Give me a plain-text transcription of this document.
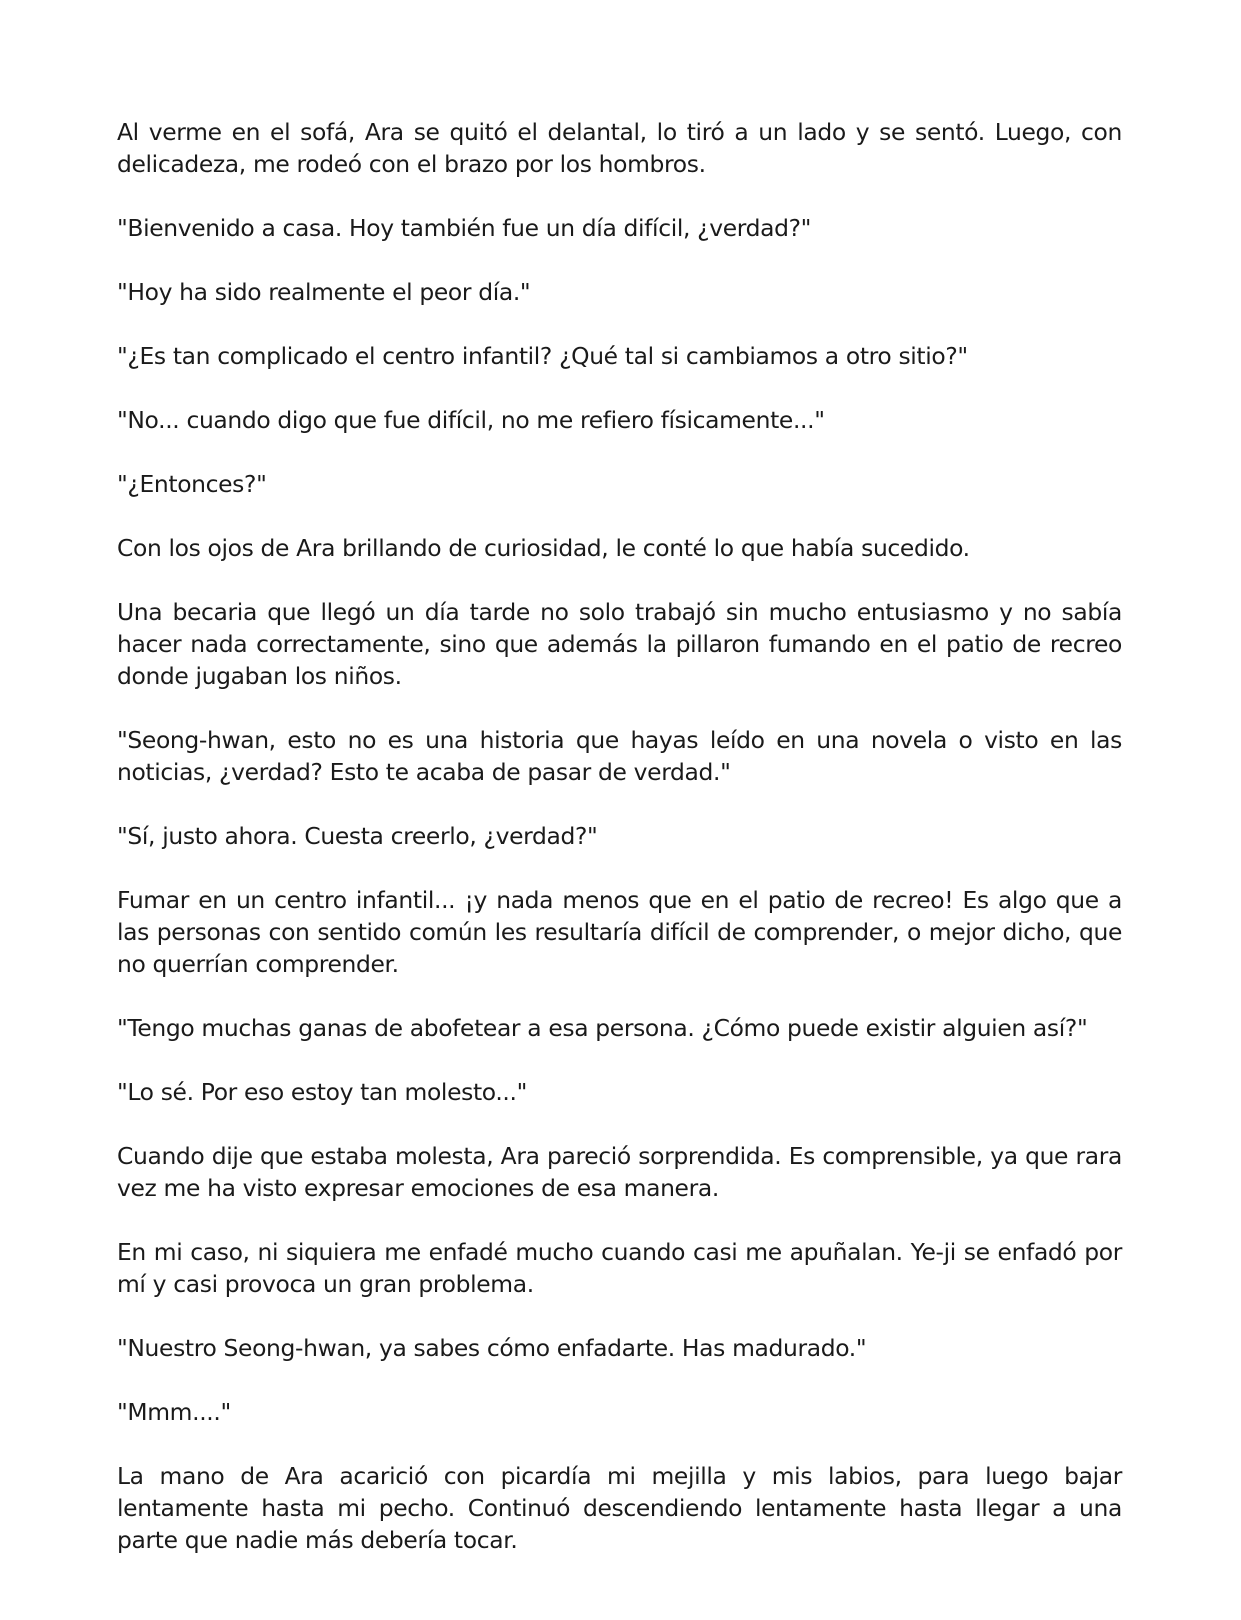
Al verme en el sofá, Ara se quitó el delantal, lo tiró a un lado y se sentó. Luego, con delicadeza, me rodeó con el brazo por los hombros.

"Bienvenido a casa. Hoy también fue un día difícil, ¿verdad?"

"Hoy ha sido realmente el peor día."

"¿Es tan complicado el centro infantil? ¿Qué tal si cambiamos a otro sitio?"

"No... cuando digo que fue difícil, no me refiero físicamente..."

"¿Entonces?"

Con los ojos de Ara brillando de curiosidad, le conté lo que había sucedido.

Una becaria que llegó un día tarde no solo trabajó sin mucho entusiasmo y no sabía hacer nada correctamente, sino que además la pillaron fumando en el patio de recreo donde jugaban los niños.

"Seong-hwan, esto no es una historia que hayas leído en una novela o visto en las noticias, ¿verdad? Esto te acaba de pasar de verdad."

"Sí, justo ahora. Cuesta creerlo, ¿verdad?"

Fumar en un centro infantil... ¡y nada menos que en el patio de recreo! Es algo que a las personas con sentido común les resultaría difícil de comprender, o mejor dicho, que no querrían comprender.

"Tengo muchas ganas de abofetear a esa persona. ¿Cómo puede existir alguien así?"

"Lo sé. Por eso estoy tan molesto..."

Cuando dije que estaba molesta, Ara pareció sorprendida. Es comprensible, ya que rara vez me ha visto expresar emociones de esa manera.

En mi caso, ni siquiera me enfadé mucho cuando casi me apuñalan. Ye-ji se enfadó por mí y casi provoca un gran problema.

"Nuestro Seong-hwan, ya sabes cómo enfadarte. Has madurado."

"Mmm...."

La mano de Ara acarició con picardía mi mejilla y mis labios, para luego bajar lentamente hasta mi pecho. Continuó descendiendo lentamente hasta llegar a una parte que nadie más debería tocar.
